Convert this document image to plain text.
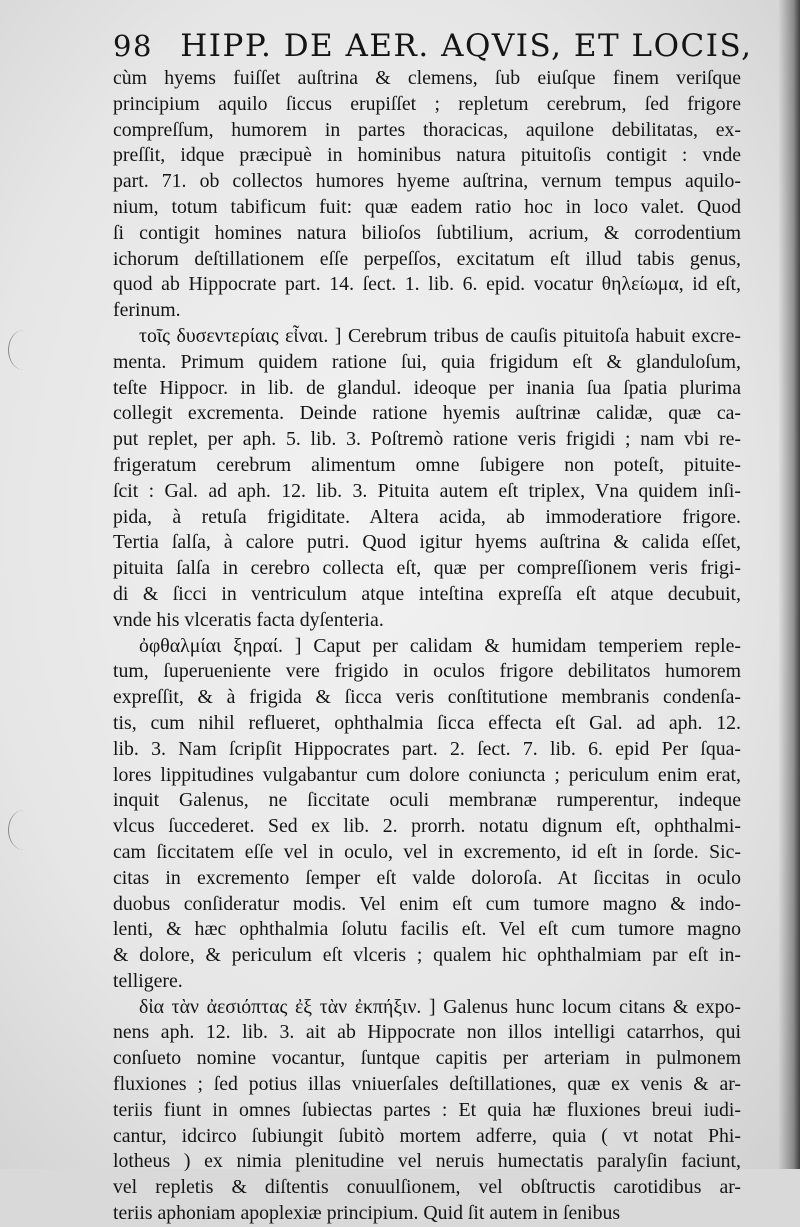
98 HIPP. DE AER. AQVIS, ET LOCIS,
cùm hyems fuiſſet auſtrina & clemens, ſub eiuſque finem veriſque
principium aquilo ſiccus erupiſſet ; repletum cerebrum, ſed frigore
compreſſum, humorem in partes thoracicas, aquilone debilitatas, ex-
preſſit, idque præcipuè in hominibus natura pituitoſis contigit : vnde
part. 71. ob collectos humores hyeme auſtrina, vernum tempus aquilo-
nium, totum tabificum fuit: quæ eadem ratio hoc in loco valet. Quod
ſi contigit homines natura bilioſos ſubtilium, acrium, & corrodentium
ichorum deſtillationem eſſe perpeſſos, excitatum eſt illud tabis genus,
quod ab Hippocrate part. 14. ſect. 1. lib. 6. epid. vocatur θηλείωμα, id eſt,
ferinum.
τοῖς δυσεντερίαις εἶναι. ] Cerebrum tribus de cauſis pituitoſa habuit excre-
menta. Primum quidem ratione ſui, quia frigidum eſt & glanduloſum,
teſte Hippocr. in lib. de glandul. ideoque per inania ſua ſpatia plurima
collegit excrementa. Deinde ratione hyemis auſtrinæ calidæ, quæ ca-
put replet, per aph. 5. lib. 3. Poſtremò ratione veris frigidi ; nam vbi re-
frigeratum cerebrum alimentum omne ſubigere non poteſt, pituite-
ſcit : Gal. ad aph. 12. lib. 3. Pituita autem eſt triplex, Vna quidem inſi-
pida, à retuſa frigiditate. Altera acida, ab immoderatiore frigore.
Tertia ſalſa, à calore putri. Quod igitur hyems auſtrina & calida eſſet,
pituita ſalſa in cerebro collecta eſt, quæ per compreſſionem veris frigi-
di & ſicci in ventriculum atque inteſtina expreſſa eſt atque decubuit,
vnde his vlceratis facta dyſenteria.
ὀφθαλμίαι ξηραί. ] Caput per calidam & humidam temperiem reple-
tum, ſuperueniente vere frigido in oculos frigore debilitatos humorem
expreſſit, & à frigida & ſicca veris conſtitutione membranis condenſa-
tis, cum nihil reflueret, ophthalmia ſicca effecta eſt Gal. ad aph. 12.
lib. 3. Nam ſcripſit Hippocrates part. 2. ſect. 7. lib. 6. epid Per ſqua-
lores lippitudines vulgabantur cum dolore coniuncta ; periculum enim erat,
inquit Galenus, ne ſiccitate oculi membranæ rumperentur, indeque
vlcus ſuccederet. Sed ex lib. 2. prorrh. notatu dignum eſt, ophthalmi-
cam ſiccitatem eſſe vel in oculo, vel in excremento, id eſt in ſorde. Sic-
citas in excremento ſemper eſt valde doloroſa. At ſiccitas in oculo
duobus conſideratur modis. Vel enim eſt cum tumore magno & indo-
lenti, & hæc ophthalmia ſolutu facilis eſt. Vel eſt cum tumore magno
& dolore, & periculum eſt vlceris ; qualem hic ophthalmiam par eſt in-
telligere.
δἰα τὰν ἀεσιόπτας ἐξ τὰν ἐκπήξιν. ] Galenus hunc locum citans & expo-
nens aph. 12. lib. 3. ait ab Hippocrate non illos intelligi catarrhos, qui
conſueto nomine vocantur, ſuntque capitis per arteriam in pulmonem
fluxiones ; ſed potius illas vniuerſales deſtillationes, quæ ex venis & ar-
teriis fiunt in omnes ſubiectas partes : Et quia hæ fluxiones breui iudi-
cantur, idcirco ſubiungit ſubitò mortem adferre, quia ( vt notat Phi-
lotheus ) ex nimia plenitudine vel neruis humectatis paralyſin faciunt,
vel repletis & diſtentis conuulſionem, vel obſtructis carotidibus ar-
teriis aphoniam apoplexiæ principium. Quid ſit autem in ſenibus
